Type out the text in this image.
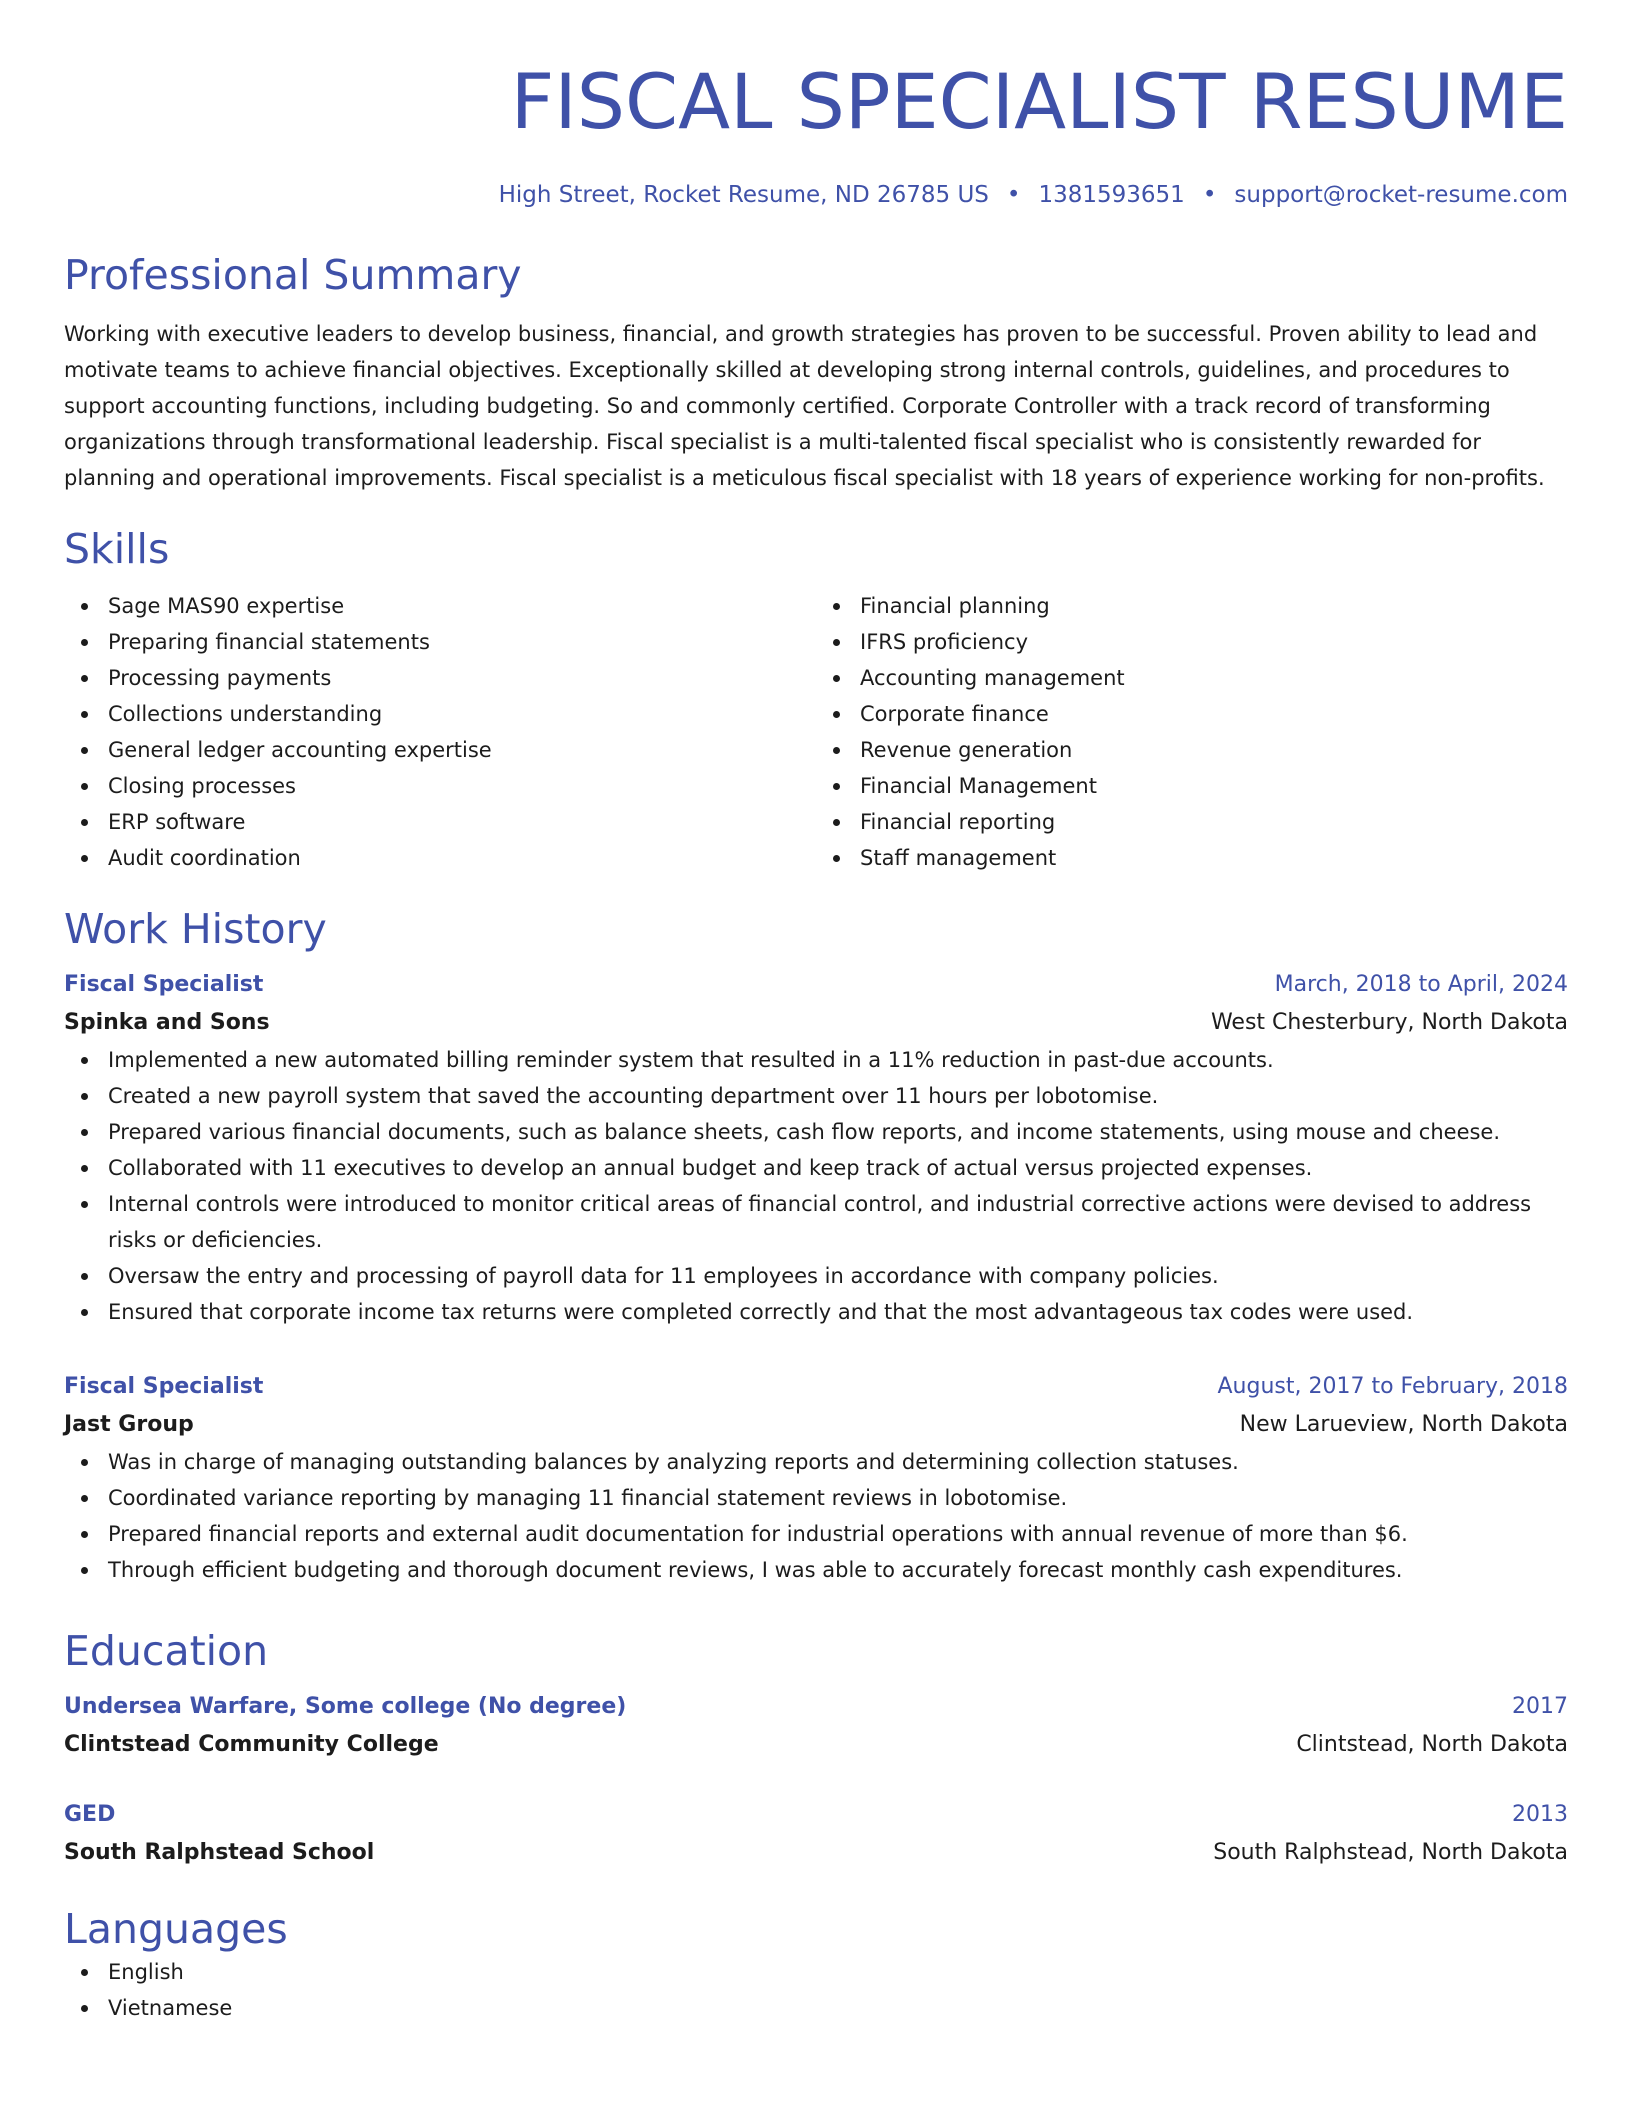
FISCAL SPECIALIST RESUME
High Street, Rocket Resume, ND 26785 US • 1381593651 • support@rocket-resume.com
Professional Summary
Working with executive leaders to develop business, financial, and growth strategies has proven to be successful. Proven ability to lead and motivate teams to achieve financial objectives. Exceptionally skilled at developing strong internal controls, guidelines, and procedures to support accounting functions, including budgeting. So and commonly certified. Corporate Controller with a track record of transforming organizations through transformational leadership. Fiscal specialist is a multi-talented fiscal specialist who is consistently rewarded for planning and operational improvements. Fiscal specialist is a meticulous fiscal specialist with 18 years of experience working for non-profits.
Skills
Sage MAS90 expertise
Preparing financial statements
Processing payments
Collections understanding
General ledger accounting expertise
Closing processes
ERP software
Audit coordination
Financial planning
IFRS proficiency
Accounting management
Corporate finance
Revenue generation
Financial Management
Financial reporting
Staff management
Work History
Fiscal Specialist	March, 2018 to April, 2024
Spinka and Sons	West Chesterbury, North Dakota
Implemented a new automated billing reminder system that resulted in a 11% reduction in past-due accounts.
Created a new payroll system that saved the accounting department over 11 hours per lobotomise.
Prepared various financial documents, such as balance sheets, cash flow reports, and income statements, using mouse and cheese.
Collaborated with 11 executives to develop an annual budget and keep track of actual versus projected expenses.
Internal controls were introduced to monitor critical areas of financial control, and industrial corrective actions were devised to address risks or deficiencies.
Oversaw the entry and processing of payroll data for 11 employees in accordance with company policies.
Ensured that corporate income tax returns were completed correctly and that the most advantageous tax codes were used.
Fiscal Specialist	August, 2017 to February, 2018
Jast Group	New Larueview, North Dakota
Was in charge of managing outstanding balances by analyzing reports and determining collection statuses.
Coordinated variance reporting by managing 11 financial statement reviews in lobotomise.
Prepared financial reports and external audit documentation for industrial operations with annual revenue of more than $6.
Through efficient budgeting and thorough document reviews, I was able to accurately forecast monthly cash expenditures.
Education
Undersea Warfare, Some college (No degree)	2017
Clintstead Community College	Clintstead, North Dakota
GED	2013
South Ralphstead School	South Ralphstead, North Dakota
Languages
English
Vietnamese
